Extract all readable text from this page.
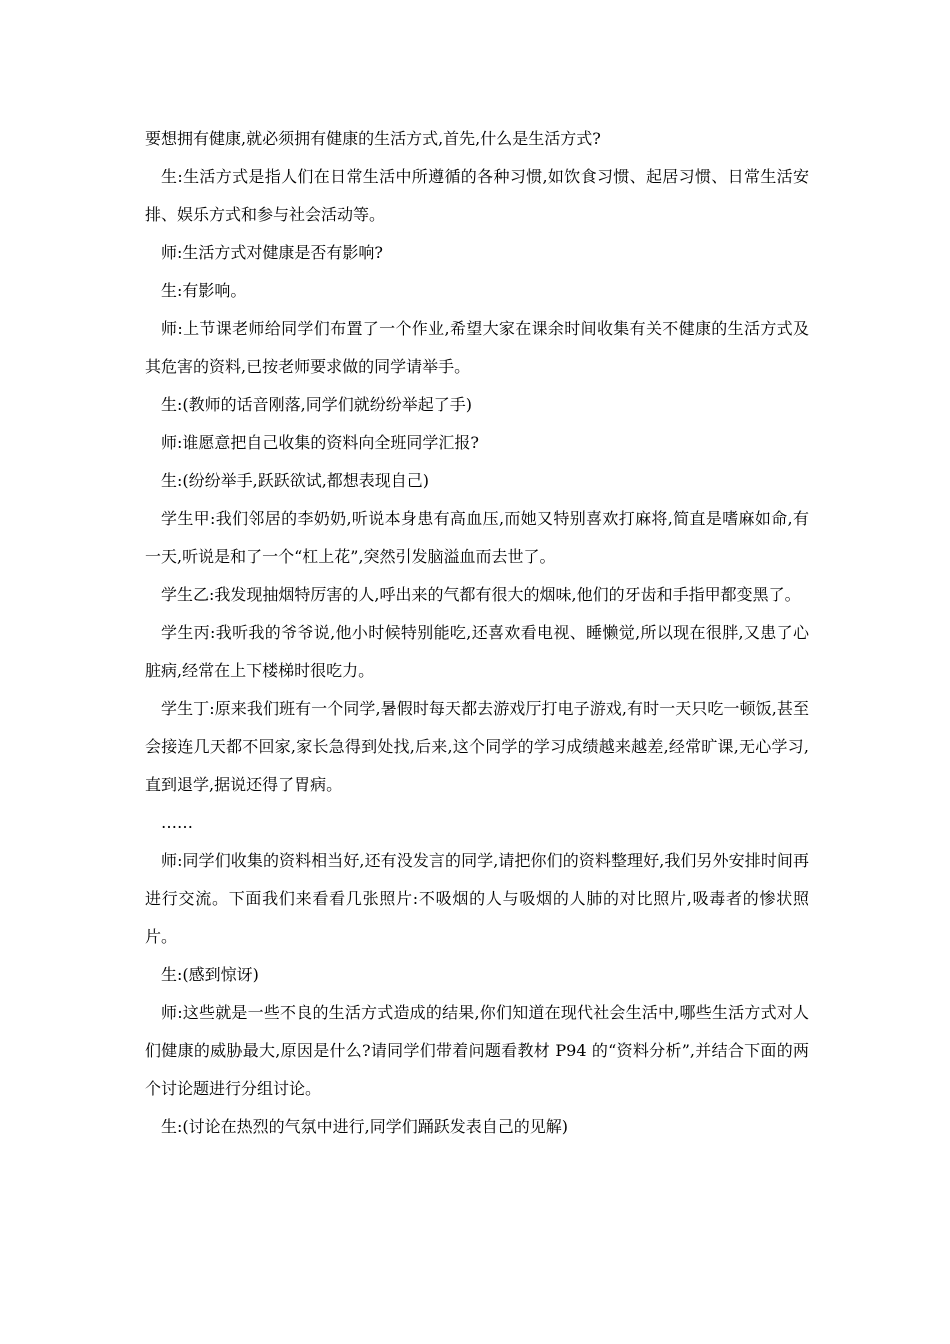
要想拥有健康,就必须拥有健康的生活方式,首先,什么是生活方式?

生:生活方式是指人们在日常生活中所遵循的各种习惯,如饮食习惯、起居习惯、日常生活安排、娱乐方式和参与社会活动等。

师:生活方式对健康是否有影响?

生:有影响。

师:上节课老师给同学们布置了一个作业,希望大家在课余时间收集有关不健康的生活方式及其危害的资料,已按老师要求做的同学请举手。

生:(教师的话音刚落,同学们就纷纷举起了手)

师:谁愿意把自己收集的资料向全班同学汇报?

生:(纷纷举手,跃跃欲试,都想表现自己)

学生甲:我们邻居的李奶奶,听说本身患有高血压,而她又特别喜欢打麻将,简直是嗜麻如命,有一天,听说是和了一个“杠上花”,突然引发脑溢血而去世了。

学生乙:我发现抽烟特厉害的人,呼出来的气都有很大的烟味,他们的牙齿和手指甲都变黑了。

学生丙:我听我的爷爷说,他小时候特别能吃,还喜欢看电视、睡懒觉,所以现在很胖,又患了心脏病,经常在上下楼梯时很吃力。

学生丁:原来我们班有一个同学,暑假时每天都去游戏厅打电子游戏,有时一天只吃一顿饭,甚至会接连几天都不回家,家长急得到处找,后来,这个同学的学习成绩越来越差,经常旷课,无心学习,直到退学,据说还得了胃病。

……

师:同学们收集的资料相当好,还有没发言的同学,请把你们的资料整理好,我们另外安排时间再进行交流。下面我们来看看几张照片:不吸烟的人与吸烟的人肺的对比照片,吸毒者的惨状照片。

生:(感到惊讶)

师:这些就是一些不良的生活方式造成的结果,你们知道在现代社会生活中,哪些生活方式对人们健康的威胁最大,原因是什么?请同学们带着问题看教材 P94 的“资料分析”,并结合下面的两个讨论题进行分组讨论。

生:(讨论在热烈的气氛中进行,同学们踊跃发表自己的见解)
